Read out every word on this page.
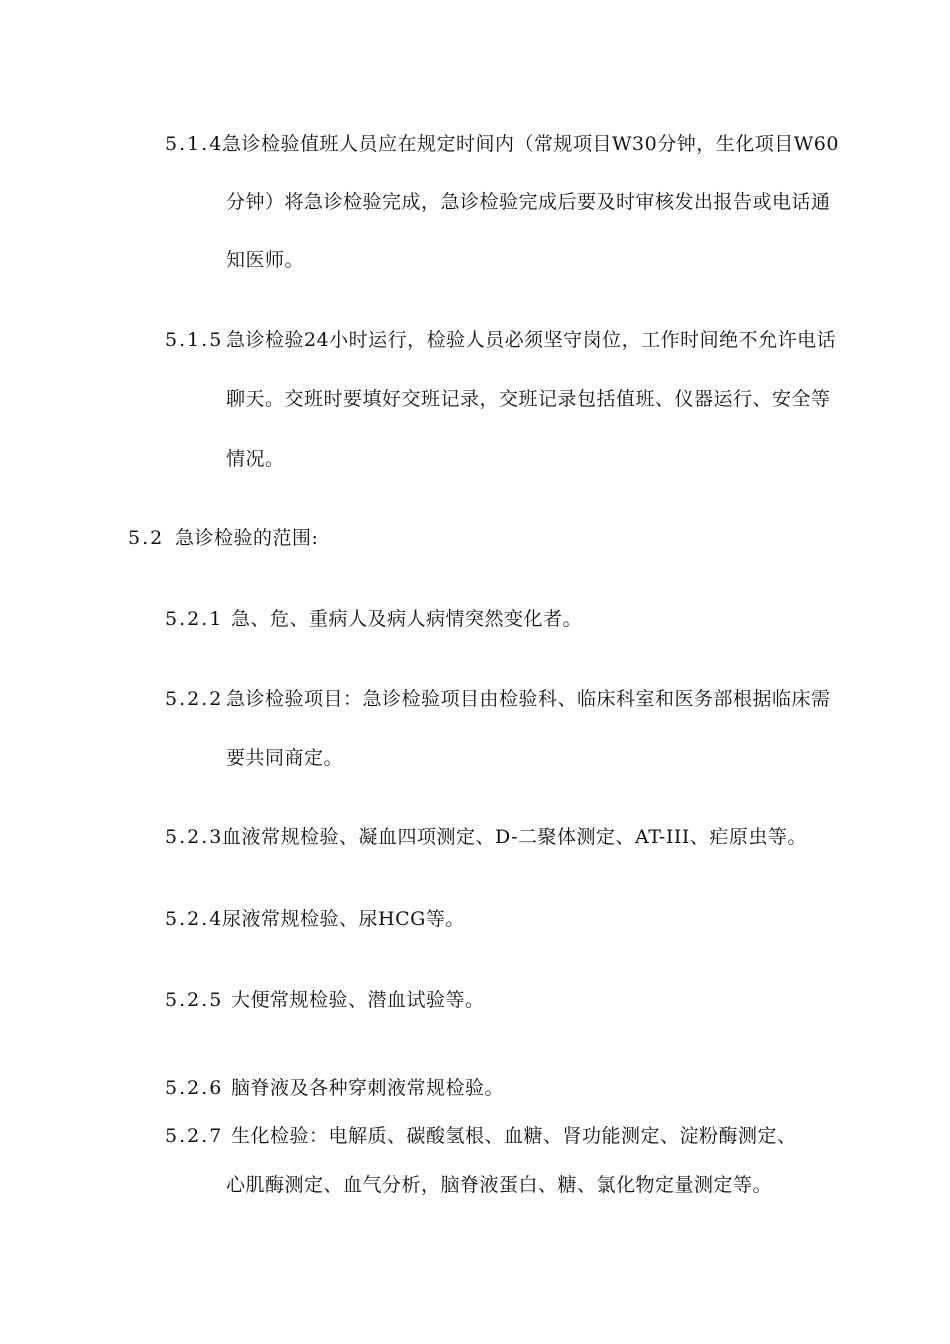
5.1.4
急诊检验值班人员应在规定时间内（常规项目W30分钟，生化项目W60
分钟）将急诊检验完成，急诊检验完成后要及时审核发出报告或电话通
知医师。
5.1.5 急诊检验24小时运行，检验人员必须坚守岗位，工作时间绝不允许电话
聊天。交班时要填好交班记录，交班记录包括值班、仪器运行、安全等
情况。
5.2 急诊检验的范围:
5.2.1 急、危、重病人及病人病情突然变化者。
5.2.2 急诊检验项目：急诊检验项目由检验科、临床科室和医务部根据临床需
要共同商定。
5.2.3
血液常规检验、凝血四项测定、D-二聚体测定、AT-III、疟原虫等。
5.2.4
尿液常规检验、尿HCG等。
5.2.5 大便常规检验、潜血试验等。
5.2.6 脑脊液及各种穿刺液常规检验。
5.2.7 生化检验：电解质、碳酸氢根、血糖、肾功能测定、淀粉酶测定、
心肌酶测定、血气分析，脑脊液蛋白、糖、氯化物定量测定等。
